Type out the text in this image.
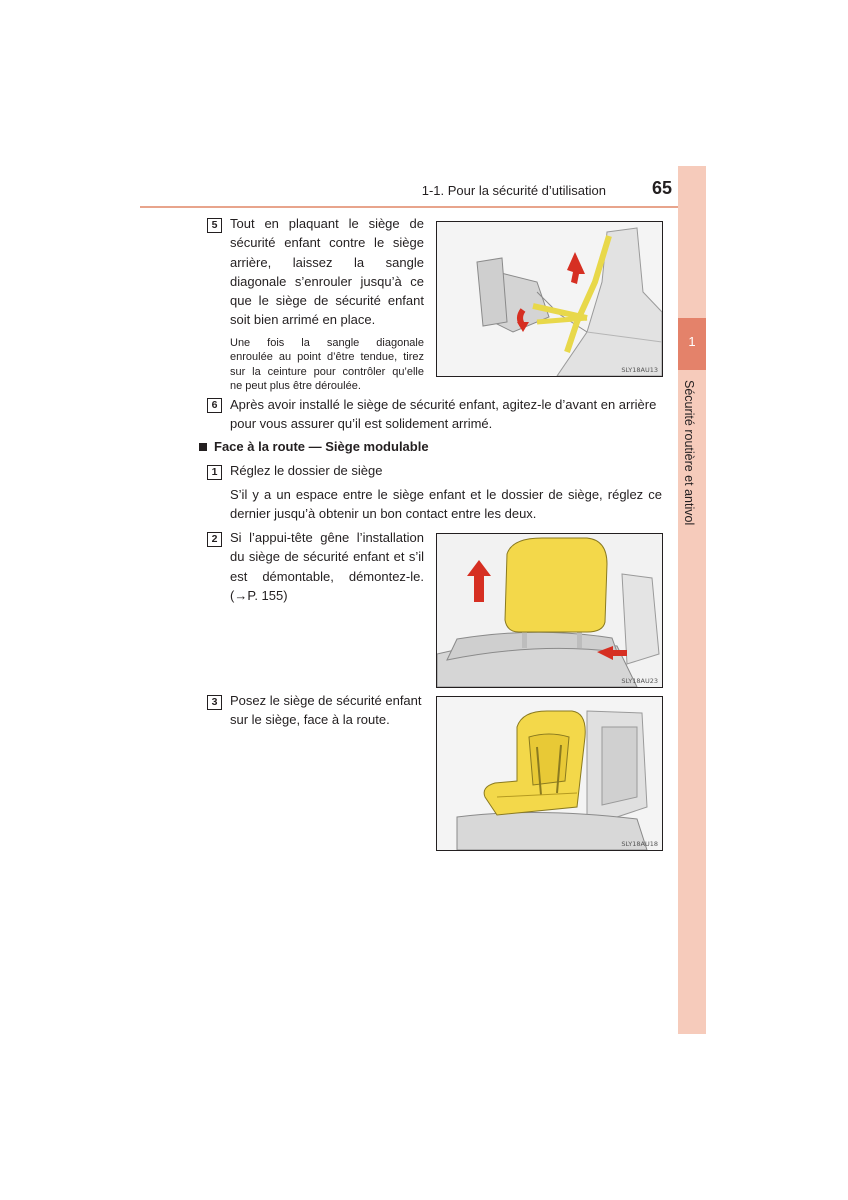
1-1. Pour la sécurité d’utilisation	65
1
Sécurité routière et antivol
5 Tout en plaquant le siège de
sécurité enfant contre le siège
arrière, laissez la sangle
diagonale s’enrouler jusqu’à ce
que le siège de sécurité enfant
soit bien arrimé en place.
Une fois la sangle diagonale
enroulée au point d’être tendue, tirez
sur la ceinture pour contrôler qu’elle
ne peut plus être déroulée.
SLY18AU13
6 Après avoir installé le siège de sécurité enfant, agitez-le d’avant en arrière
pour vous assurer qu’il est solidement arrimé.
Face à la route — Siège modulable
1 Réglez le dossier de siège
S’il y a un espace entre le siège enfant et le dossier de siège, réglez ce
dernier jusqu’à obtenir un bon contact entre les deux.
2 Si l’appui-tête gêne l’installation
du siège de sécurité enfant et s’il
est démontable, démontez-le.
(→P. 155)
SLY18AU23
3 Posez le siège de sécurité enfant
sur le siège, face à la route.
SLY18AU18
